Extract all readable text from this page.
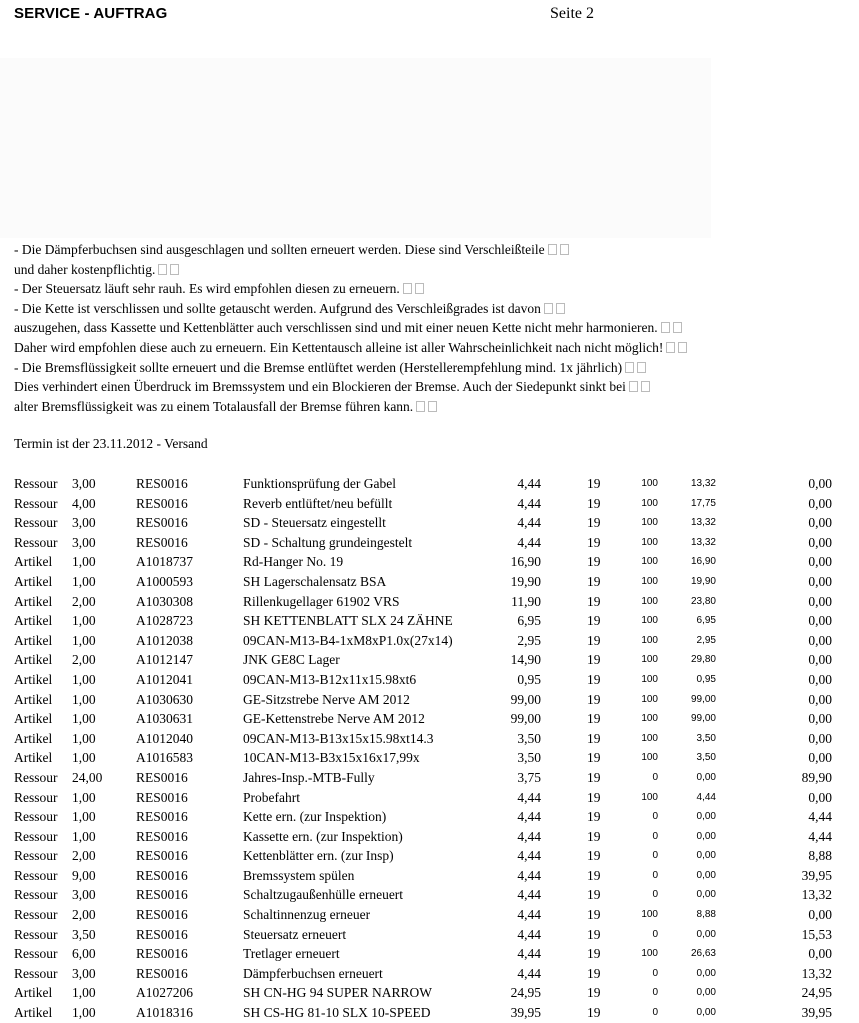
SERVICE - AUFTRAG	Seite 2
- Die Dämpferbuchsen sind ausgeschlagen und sollten erneuert werden. Diese sind Verschleißteile
und daher kostenpflichtig.
- Der Steuersatz läuft sehr rauh. Es wird empfohlen diesen zu erneuern.
- Die Kette ist verschlissen und sollte getauscht werden. Aufgrund des Verschleißgrades ist davon
auszugehen, dass Kassette und Kettenblätter auch verschlissen sind und mit einer neuen Kette nicht mehr harmonieren.
Daher wird empfohlen diese auch zu erneuern. Ein Kettentausch alleine ist aller Wahrscheinlichkeit nach nicht möglich!
- Die Bremsflüssigkeit sollte erneuert und die Bremse entlüftet werden (Herstellerempfehlung mind. 1x jährlich)
Dies verhindert einen Überdruck im Bremssystem und ein Blockieren der Bremse. Auch der Siedepunkt sinkt bei
alter Bremsflüssigkeit was zu einem Totalausfall der Bremse führen kann.
Termin ist der 23.11.2012 - Versand
Ressour 3,00	RES0016	Funktionsprüfung der Gabel	4,44	19	100	13,32	0,00
Ressour 4,00	RES0016	Reverb entlüftet/neu befüllt	4,44	19	100	17,75	0,00
Ressour 3,00	RES0016	SD - Steuersatz eingestellt	4,44	19	100	13,32	0,00
Ressour 3,00	RES0016	SD - Schaltung grundeingestelt	4,44	19	100	13,32	0,00
Artikel 1,00	A1018737	Rd-Hanger No. 19	16,90	19	100	16,90	0,00
Artikel 1,00	A1000593	SH Lagerschalensatz BSA	19,90	19	100	19,90	0,00
Artikel 2,00	A1030308	Rillenkugellager 61902 VRS	11,90	19	100	23,80	0,00
Artikel 1,00	A1028723	SH KETTENBLATT SLX 24 ZÄHNE	6,95	19	100	6,95	0,00
Artikel 1,00	A1012038	09CAN-M13-B4-1xM8xP1.0x(27x14)	2,95	19	100	2,95	0,00
Artikel 2,00	A1012147	JNK GE8C Lager	14,90	19	100	29,80	0,00
Artikel 1,00	A1012041	09CAN-M13-B12x11x15.98xt6	0,95	19	100	0,95	0,00
Artikel 1,00	A1030630	GE-Sitzstrebe Nerve AM 2012	99,00	19	100	99,00	0,00
Artikel 1,00	A1030631	GE-Kettenstrebe Nerve AM 2012	99,00	19	100	99,00	0,00
Artikel 1,00	A1012040	09CAN-M13-B13x15x15.98xt14.3	3,50	19	100	3,50	0,00
Artikel 1,00	A1016583	10CAN-M13-B3x15x16x17,99x	3,50	19	100	3,50	0,00
Ressour 24,00 RES0016	Jahres-Insp.-MTB-Fully	3,75	19	0	0,00	89,90
Ressour 1,00	RES0016	Probefahrt	4,44	19	100	4,44	0,00
Ressour 1,00	RES0016	Kette ern. (zur Inspektion)	4,44	19	0	0,00	4,44
Ressour 1,00	RES0016	Kassette ern. (zur Inspektion)	4,44	19	0	0,00	4,44
Ressour 2,00	RES0016	Kettenblätter ern. (zur Insp)	4,44	19	0	0,00	8,88
Ressour 9,00	RES0016	Bremssystem spülen	4,44	19	0	0,00	39,95
Ressour 3,00	RES0016	Schaltzugaußenhülle erneuert	4,44	19	0	0,00	13,32
Ressour 2,00	RES0016	Schaltinnenzug erneuer	4,44	19	100	8,88	0,00
Ressour 3,50	RES0016	Steuersatz erneuert	4,44	19	0	0,00	15,53
Ressour 6,00	RES0016	Tretlager erneuert	4,44	19	100	26,63	0,00
Ressour 3,00	RES0016	Dämpferbuchsen erneuert	4,44	19	0	0,00	13,32
Artikel 1,00	A1027206	SH CN-HG 94 SUPER NARROW	24,95	19	0	0,00	24,95
Artikel 1,00	A1018316	SH CS-HG 81-10 SLX 10-SPEED	39,95	19	0	0,00	39,95
